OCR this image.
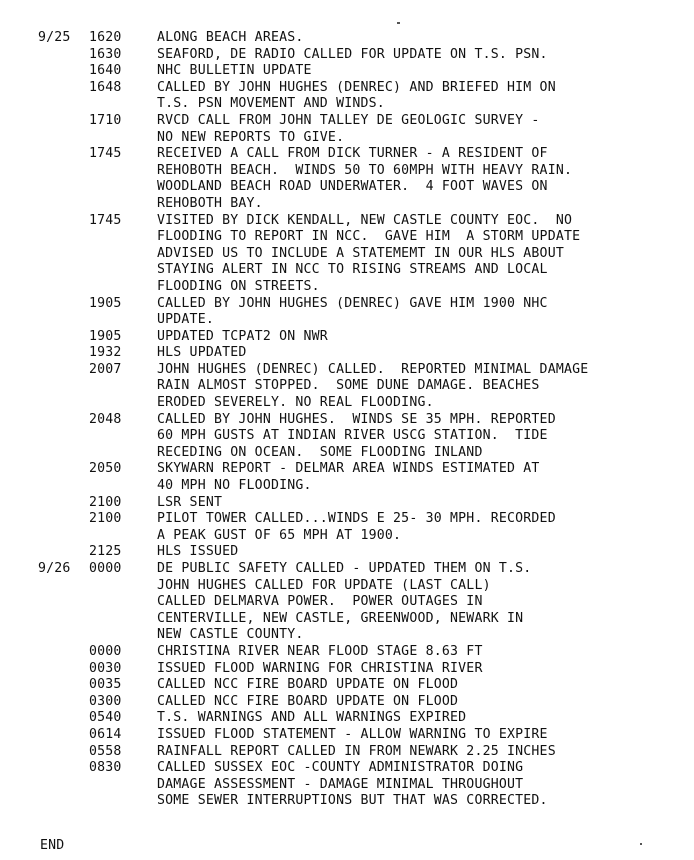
9/25 1620	ALONG BEACH AREAS.
1630	SEAFORD, DE RADIO CALLED FOR UPDATE ON T.S. PSN.
1640	NHC BULLETIN UPDATE
1648	CALLED BY JOHN HUGHES (DENREC) AND BRIEFED HIM ON
T.S. PSN MOVEMENT AND WINDS.
1710	RVCD CALL FROM JOHN TALLEY DE GEOLOGIC SURVEY -
NO NEW REPORTS TO GIVE.
1745	RECEIVED A CALL FROM DICK TURNER - A RESIDENT OF
REHOBOTH BEACH.  WINDS 50 TO 60MPH WITH HEAVY RAIN.
WOODLAND BEACH ROAD UNDERWATER.  4 FOOT WAVES ON
REHOBOTH BAY.
1745	VISITED BY DICK KENDALL, NEW CASTLE COUNTY EOC.  NO
FLOODING TO REPORT IN NCC.  GAVE HIM  A STORM UPDATE
ADVISED US TO INCLUDE A STATEMEMT IN OUR HLS ABOUT
STAYING ALERT IN NCC TO RISING STREAMS AND LOCAL
FLOODING ON STREETS.
1905	CALLED BY JOHN HUGHES (DENREC) GAVE HIM 1900 NHC
UPDATE.
1905	UPDATED TCPAT2 ON NWR
1932	HLS UPDATED
2007	JOHN HUGHES (DENREC) CALLED.  REPORTED MINIMAL DAMAGE
RAIN ALMOST STOPPED.  SOME DUNE DAMAGE. BEACHES
ERODED SEVERELY. NO REAL FLOODING.
2048	CALLED BY JOHN HUGHES.  WINDS SE 35 MPH. REPORTED
60 MPH GUSTS AT INDIAN RIVER USCG STATION.  TIDE
RECEDING ON OCEAN.  SOME FLOODING INLAND
2050	SKYWARN REPORT - DELMAR AREA WINDS ESTIMATED AT
40 MPH NO FLOODING.
2100	LSR SENT
2100	PILOT TOWER CALLED...WINDS E 25- 30 MPH. RECORDED
A PEAK GUST OF 65 MPH AT 1900.
2125	HLS ISSUED
9/26 0000	DE PUBLIC SAFETY CALLED - UPDATED THEM ON T.S.
JOHN HUGHES CALLED FOR UPDATE (LAST CALL)
CALLED DELMARVA POWER.  POWER OUTAGES IN
CENTERVILLE, NEW CASTLE, GREENWOOD, NEWARK IN
NEW CASTLE COUNTY.
0000	CHRISTINA RIVER NEAR FLOOD STAGE 8.63 FT
0030	ISSUED FLOOD WARNING FOR CHRISTINA RIVER
0035	CALLED NCC FIRE BOARD UPDATE ON FLOOD
0300	CALLED NCC FIRE BOARD UPDATE ON FLOOD
0540	T.S. WARNINGS AND ALL WARNINGS EXPIRED
0614	ISSUED FLOOD STATEMENT - ALLOW WARNING TO EXPIRE
0558	RAINFALL REPORT CALLED IN FROM NEWARK 2.25 INCHES
0830	CALLED SUSSEX EOC -COUNTY ADMINISTRATOR DOING
DAMAGE ASSESSMENT - DAMAGE MINIMAL THROUGHOUT
SOME SEWER INTERRUPTIONS BUT THAT WAS CORRECTED.
END
